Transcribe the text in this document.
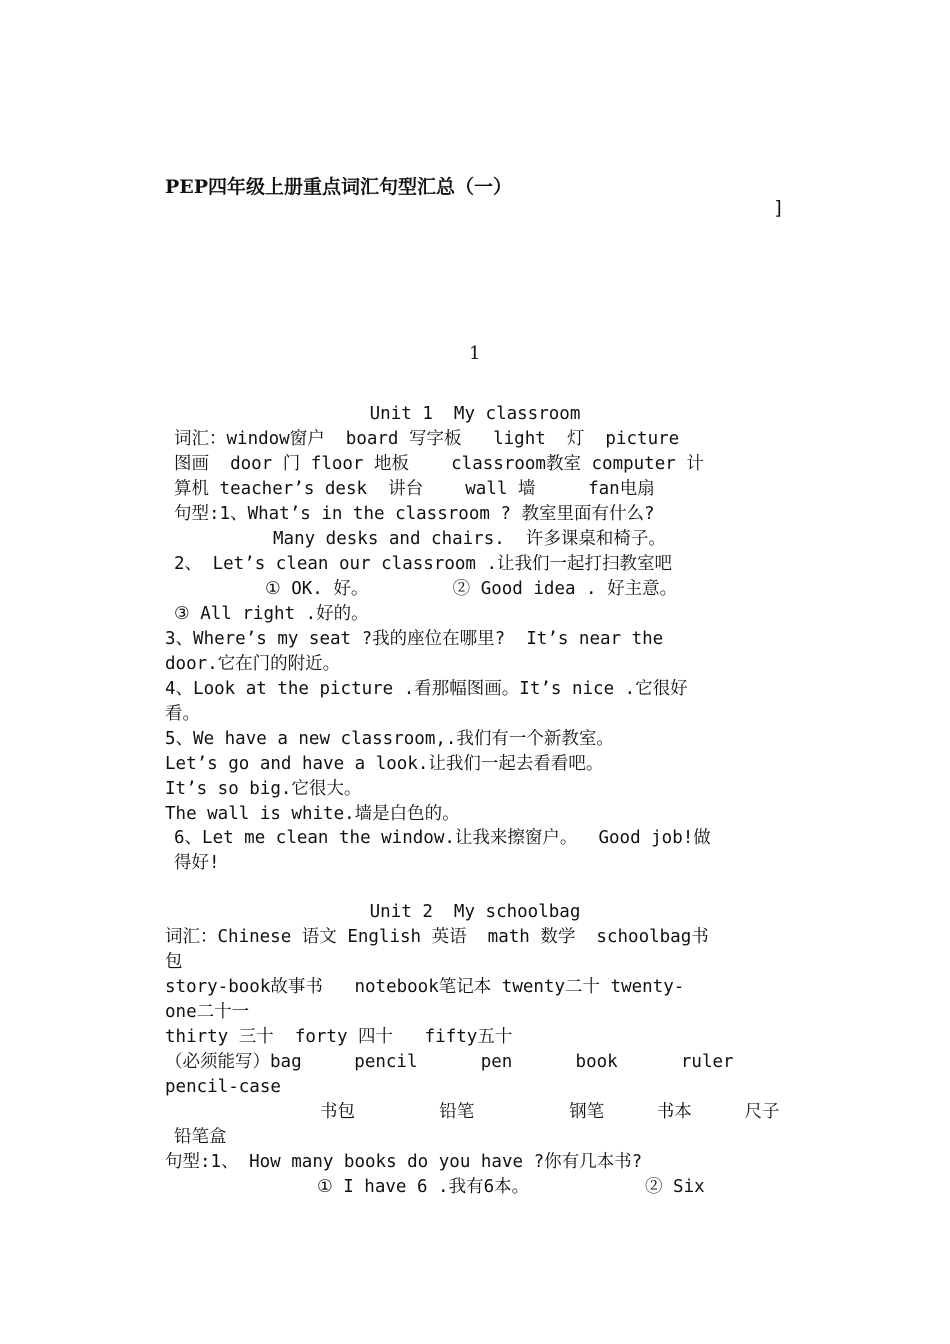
PEP四年级上册重点词汇句型汇总（一）
]
1
Unit 1  My classroom
词汇：window窗户  board 写字板   light  灯  picture
图画  door 门 floor 地板    classroom教室 computer 计
算机 teacher’s desk  讲台    wall 墙     fan电扇
句型:1、What’s in the classroom ? 教室里面有什么?
Many desks and chairs.  许多课桌和椅子。
2、 Let’s clean our classroom .让我们一起打扫教室吧
① OK. 好。        ② Good idea . 好主意。
③ All right .好的。
3、Where’s my seat ?我的座位在哪里?  It’s near the
door.它在门的附近。
4、Look at the picture .看那幅图画。It’s nice .它很好
看。
5、We have a new classroom,.我们有一个新教室。
Let’s go and have a look.让我们一起去看看吧。
It’s so big.它很大。
The wall is white.墙是白色的。
6、Let me clean the window.让我来擦窗户。  Good job!做
得好!
Unit 2  My schoolbag
词汇：Chinese 语文 English 英语  math 数学  schoolbag书
包
story-book故事书   notebook笔记本 twenty二十 twenty-
one二十一
thirty 三十  forty 四十   fifty五十
（必须能写）bag     pencil      pen      book      ruler
pencil-case
书包        铅笔         钢笔     书本     尺子
铅笔盒
句型:1、 How many books do you have ?你有几本书?
① I have 6 .我有6本。           ② Six
